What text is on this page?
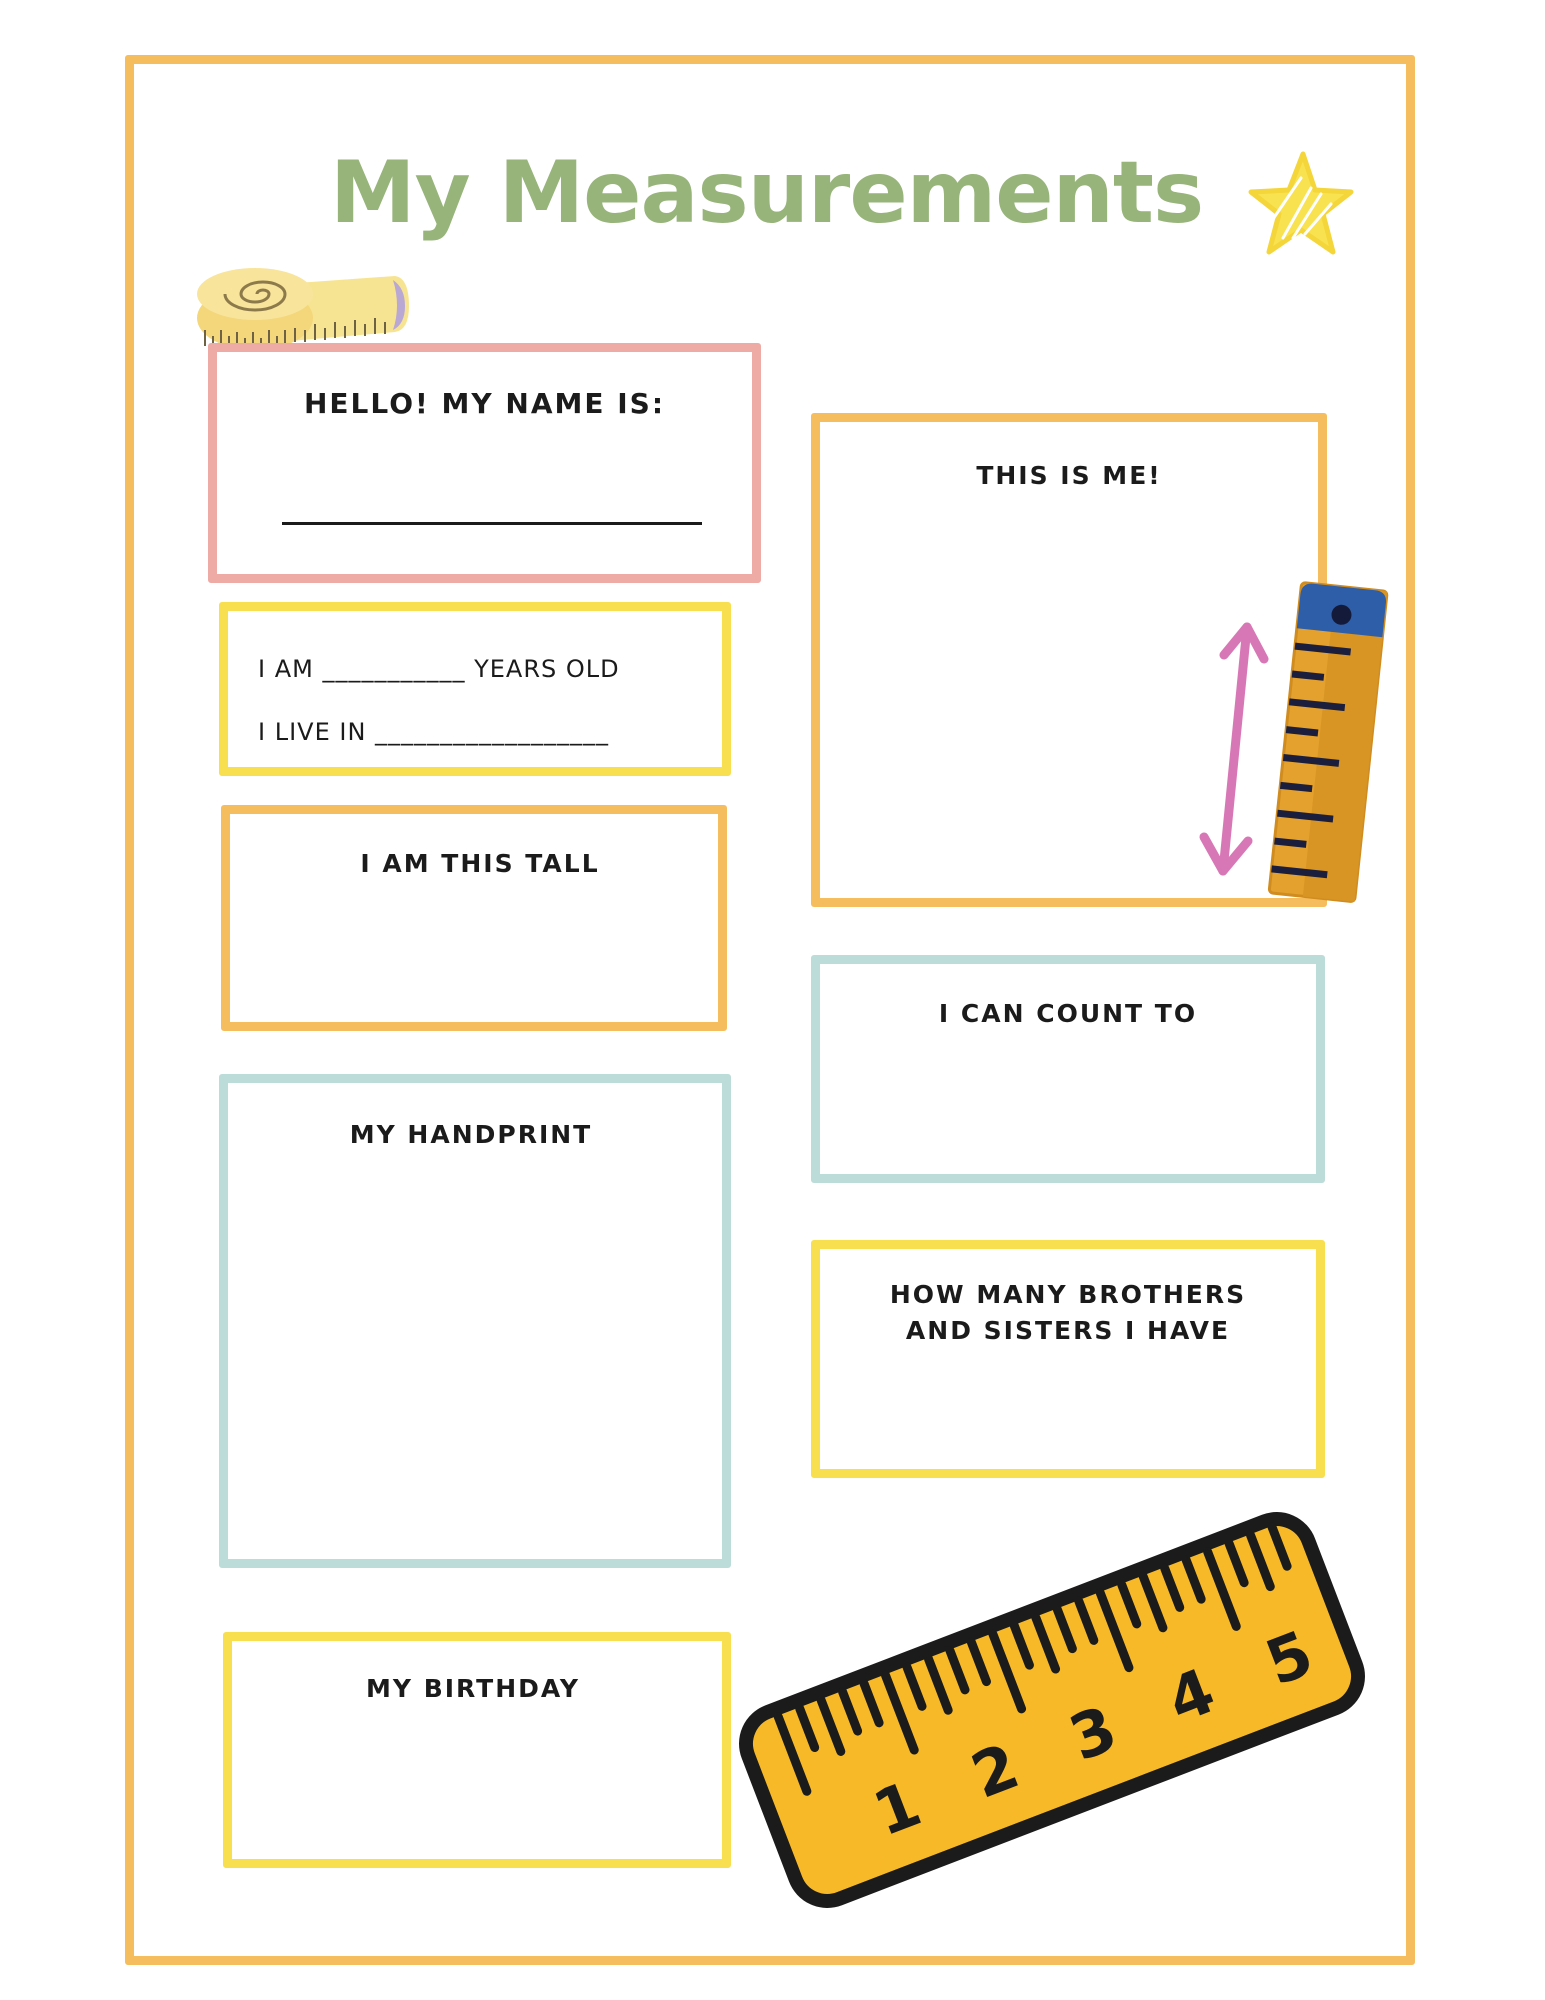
My Measurements
HELLO! MY NAME IS:
I AM ___________ YEARS OLD
I LIVE IN __________________
I AM THIS TALL
MY HANDPRINT
MY BIRTHDAY
THIS IS ME!
I CAN COUNT TO
HOW MANY BROTHERS
AND SISTERS I HAVE
1 2 3 4 5
